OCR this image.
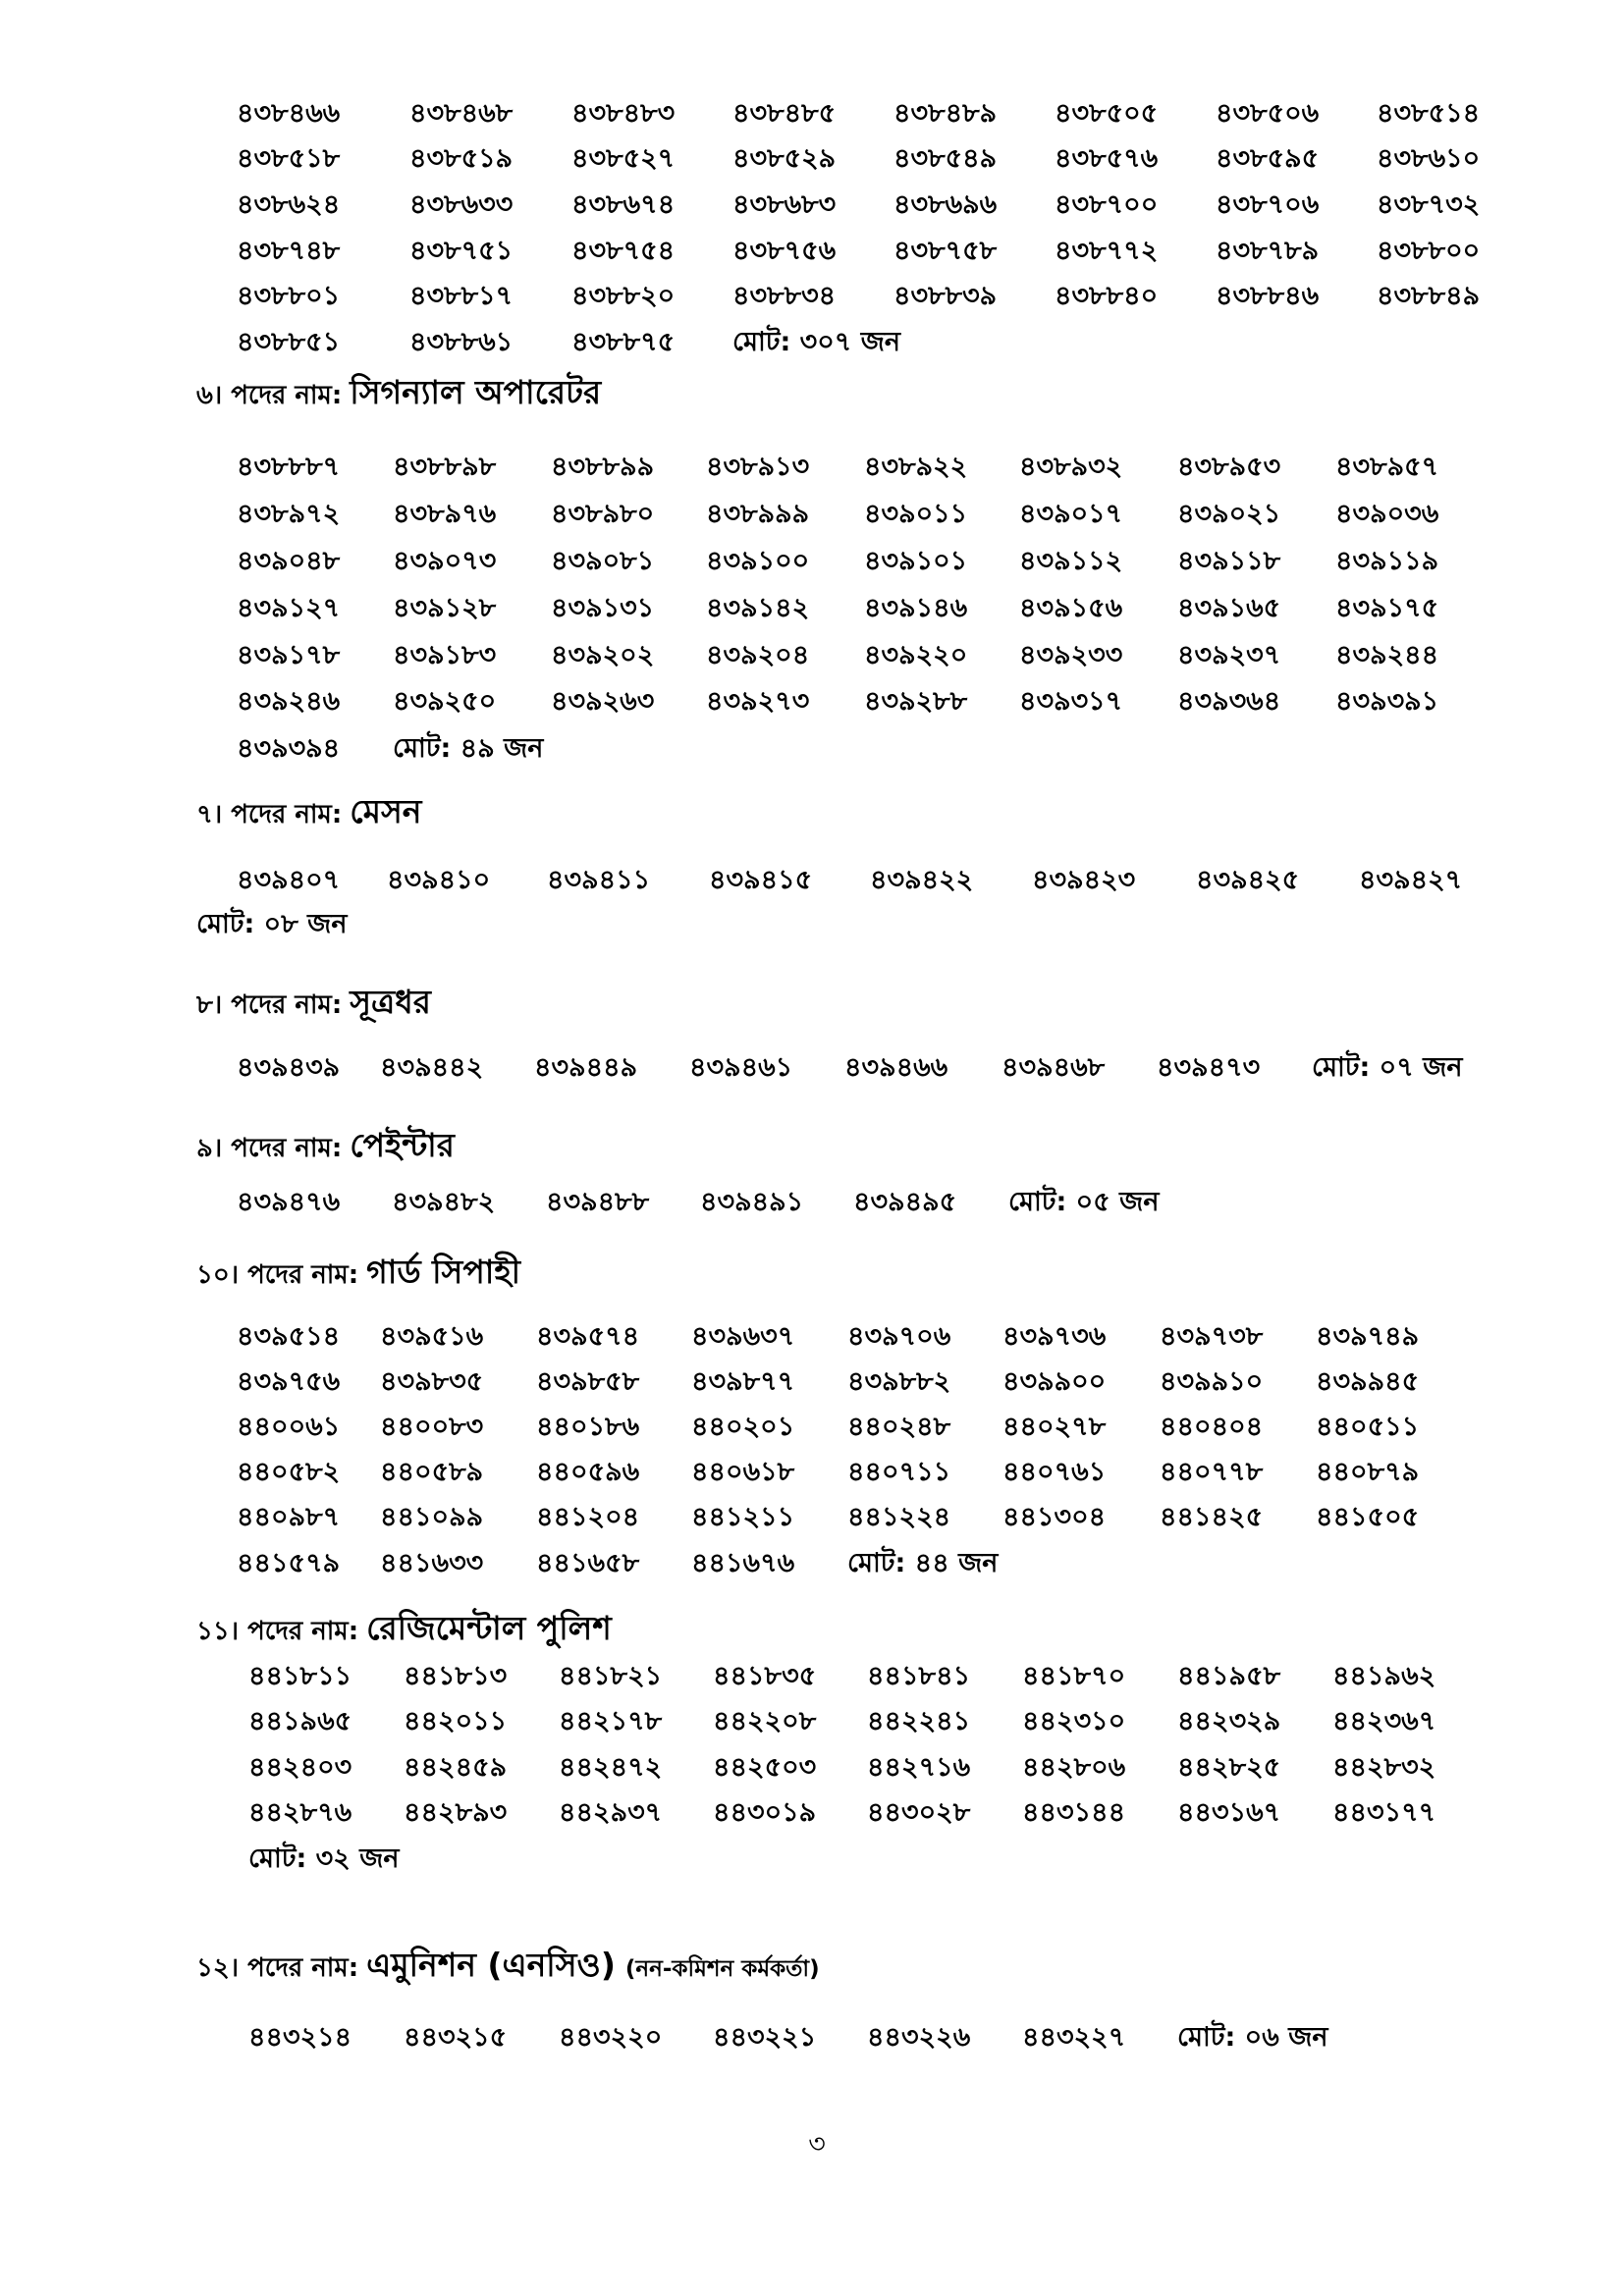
৪৩৮৪৬৬	৪৩৮৪৬৮	৪৩৮৪৮৩	৪৩৮৪৮৫	৪৩৮৪৮৯	৪৩৮৫০৫	৪৩৮৫০৬	৪৩৮৫১৪
৪৩৮৫১৮	৪৩৮৫১৯	৪৩৮৫২৭	৪৩৮৫২৯	৪৩৮৫৪৯	৪৩৮৫৭৬	৪৩৮৫৯৫	৪৩৮৬১০
৪৩৮৬২৪	৪৩৮৬৩৩	৪৩৮৬৭৪	৪৩৮৬৮৩	৪৩৮৬৯৬	৪৩৮৭০০	৪৩৮৭০৬	৪৩৮৭৩২
৪৩৮৭৪৮	৪৩৮৭৫১	৪৩৮৭৫৪	৪৩৮৭৫৬	৪৩৮৭৫৮	৪৩৮৭৭২	৪৩৮৭৮৯	৪৩৮৮০০
৪৩৮৮০১	৪৩৮৮১৭	৪৩৮৮২০	৪৩৮৮৩৪	৪৩৮৮৩৯	৪৩৮৮৪০	৪৩৮৮৪৬	৪৩৮৮৪৯
৪৩৮৮৫১	৪৩৮৮৬১	৪৩৮৮৭৫	মোট: ৩০৭ জন
৬। পদের নাম: সিগন্যাল অপারেটর
৪৩৮৮৮৭	৪৩৮৮৯৮	৪৩৮৮৯৯	৪৩৮৯১৩	৪৩৮৯২২	৪৩৮৯৩২	৪৩৮৯৫৩	৪৩৮৯৫৭
৪৩৮৯৭২	৪৩৮৯৭৬	৪৩৮৯৮০	৪৩৮৯৯৯	৪৩৯০১১	৪৩৯০১৭	৪৩৯০২১	৪৩৯০৩৬
৪৩৯০৪৮	৪৩৯০৭৩	৪৩৯০৮১	৪৩৯১০০	৪৩৯১০১	৪৩৯১১২	৪৩৯১১৮	৪৩৯১১৯
৪৩৯১২৭	৪৩৯১২৮	৪৩৯১৩১	৪৩৯১৪২	৪৩৯১৪৬	৪৩৯১৫৬	৪৩৯১৬৫	৪৩৯১৭৫
৪৩৯১৭৮	৪৩৯১৮৩	৪৩৯২০২	৪৩৯২০৪	৪৩৯২২০	৪৩৯২৩৩	৪৩৯২৩৭	৪৩৯২৪৪
৪৩৯২৪৬	৪৩৯২৫০	৪৩৯২৬৩	৪৩৯২৭৩	৪৩৯২৮৮	৪৩৯৩১৭	৪৩৯৩৬৪	৪৩৯৩৯১
৪৩৯৩৯৪	মোট: ৪৯ জন
৭। পদের নাম: মেসন
৪৩৯৪০৭	৪৩৯৪১০	৪৩৯৪১১	৪৩৯৪১৫	৪৩৯৪২২	৪৩৯৪২৩	৪৩৯৪২৫	৪৩৯৪২৭
মোট: ০৮ জন
৮। পদের নাম: সূত্রধর
৪৩৯৪৩৯	৪৩৯৪৪২	৪৩৯৪৪৯	৪৩৯৪৬১	৪৩৯৪৬৬	৪৩৯৪৬৮	৪৩৯৪৭৩	মোট: ০৭ জন
৯। পদের নাম: পেইন্টার
৪৩৯৪৭৬	৪৩৯৪৮২	৪৩৯৪৮৮	৪৩৯৪৯১	৪৩৯৪৯৫	মোট: ০৫ জন
১০। পদের নাম: গার্ড সিপাহী
৪৩৯৫১৪	৪৩৯৫১৬	৪৩৯৫৭৪	৪৩৯৬৩৭	৪৩৯৭০৬	৪৩৯৭৩৬	৪৩৯৭৩৮	৪৩৯৭৪৯
৪৩৯৭৫৬	৪৩৯৮৩৫	৪৩৯৮৫৮	৪৩৯৮৭৭	৪৩৯৮৮২	৪৩৯৯০০	৪৩৯৯১০	৪৩৯৯৪৫
৪৪০০৬১	৪৪০০৮৩	৪৪০১৮৬	৪৪০২০১	৪৪০২৪৮	৪৪০২৭৮	৪৪০৪০৪	৪৪০৫১১
৪৪০৫৮২	৪৪০৫৮৯	৪৪০৫৯৬	৪৪০৬১৮	৪৪০৭১১	৪৪০৭৬১	৪৪০৭৭৮	৪৪০৮৭৯
৪৪০৯৮৭	৪৪১০৯৯	৪৪১২০৪	৪৪১২১১	৪৪১২২৪	৪৪১৩০৪	৪৪১৪২৫	৪৪১৫০৫
৪৪১৫৭৯	৪৪১৬৩৩	৪৪১৬৫৮	৪৪১৬৭৬	মোট: ৪৪ জন
১১। পদের নাম: রেজিমেন্টাল পুলিশ
৪৪১৮১১	৪৪১৮১৩	৪৪১৮২১	৪৪১৮৩৫	৪৪১৮৪১	৪৪১৮৭০	৪৪১৯৫৮	৪৪১৯৬২
৪৪১৯৬৫	৪৪২০১১	৪৪২১৭৮	৪৪২২০৮	৪৪২২৪১	৪৪২৩১০	৪৪২৩২৯	৪৪২৩৬৭
৪৪২৪০৩	৪৪২৪৫৯	৪৪২৪৭২	৪৪২৫০৩	৪৪২৭১৬	৪৪২৮০৬	৪৪২৮২৫	৪৪২৮৩২
৪৪২৮৭৬	৪৪২৮৯৩	৪৪২৯৩৭	৪৪৩০১৯	৪৪৩০২৮	৪৪৩১৪৪	৪৪৩১৬৭	৪৪৩১৭৭
মোট: ৩২ জন
১২। পদের নাম: এমুনিশন (এনসিও) (নন-কমিশন কর্মকর্তা)
৪৪৩২১৪	৪৪৩২১৫	৪৪৩২২০	৪৪৩২২১	৪৪৩২২৬	৪৪৩২২৭	মোট: ০৬ জন
৩
